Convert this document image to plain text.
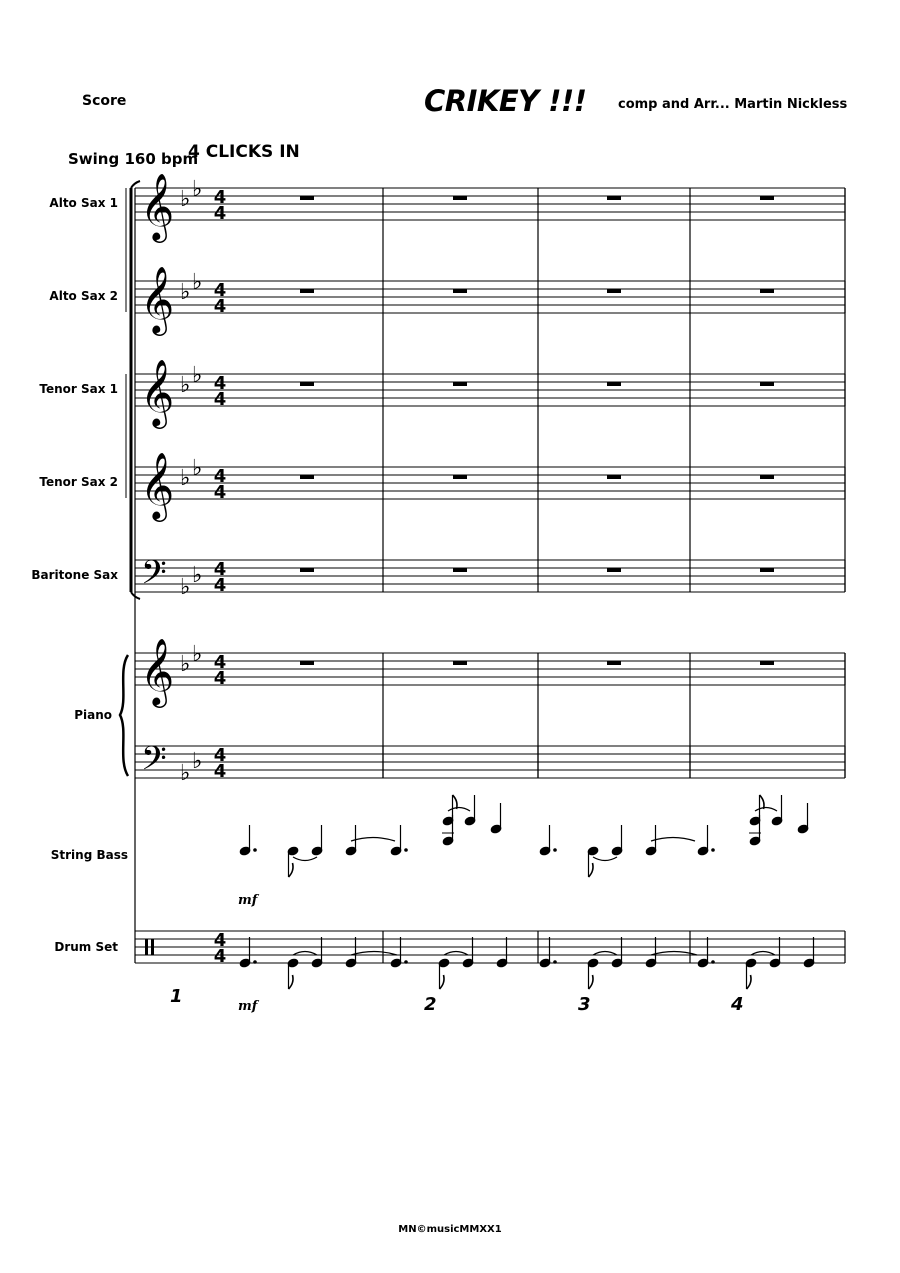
Score	CRIKEY !!! comp and Arr... Martin Nickless
Swing 160 bpm
4 CLICKS IN
Alto Sax 1
Alto Sax 2
Tenor Sax 1
Tenor Sax 2
Baritone Sax
Piano
String Bass
Drum Set
1	2	3	4
MN©musicMMXX1
𝄞 ♭ ♭ 4
4
𝄞 ♭ ♭ 4
4
𝄞 ♭ ♭ 4
4
𝄞 ♭ ♭ 4
4
𝄢 ♭ ♭ 4
4
𝄞 ♭ ♭ 4
4
𝄢 ♭ ♭ 4
4
4
4
mf
mf
